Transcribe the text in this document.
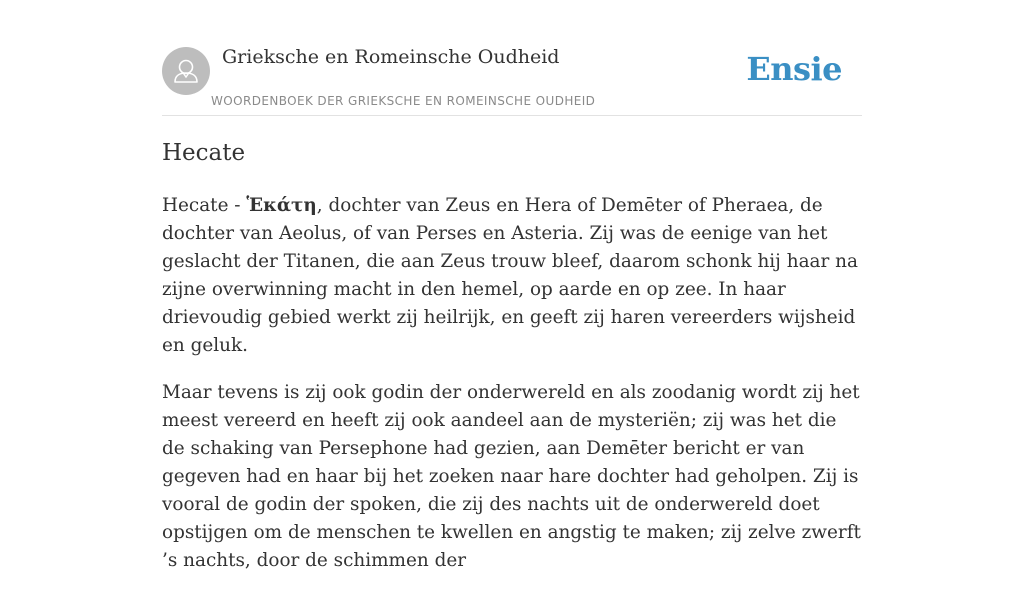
Grieksche en Romeinsche Oudheid
WOORDENBOEK DER GRIEKSCHE EN ROMEINSCHE OUDHEID
Ensie
Hecate

Hecate - Ἑκάτη, dochter van Zeus en Hera of Demē‌ter of Pheraea, de dochter van Aeolus, of van Perses en Asteria. Zij was de eenige van het geslacht der Titanen, die aan Zeus trouw bleef, daarom schonk hij haar na zijne overwinning macht in den hemel, op aarde en op zee. In haar drievoudig gebied werkt zij heilrijk, en geeft zij haren vereerders wijsheid en geluk.

Maar tevens is zij ook godin der onderwereld en als zoodanig wordt zij het meest vereerd en heeft zij ook aandeel aan de mysteriën; zij was het die de schaking van Persephone had gezien, aan Demēter bericht er van gegeven had en haar bij het zoeken naar hare dochter had geholpen. Zij is vooral de godin der spoken, die zij des nachts uit de onderwereld doet opstijgen om de menschen te kwellen en angstig te maken; zij zelve zwerft ’s nachts, door de schimmen der
